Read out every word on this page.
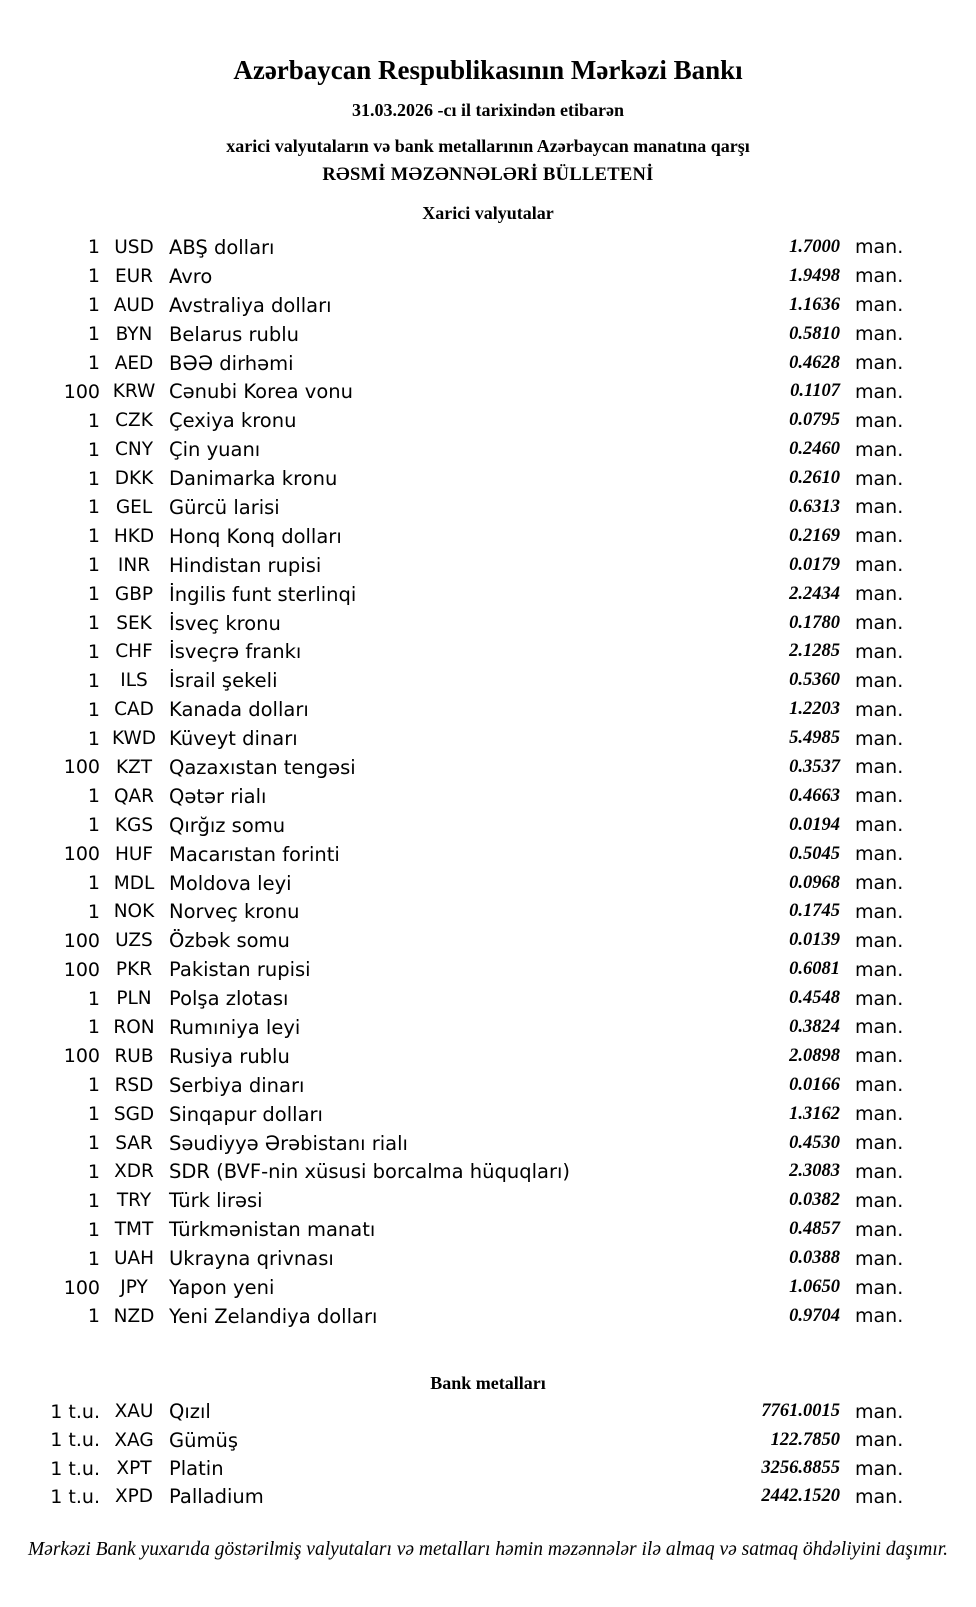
Azərbaycan Respublikasının Mərkəzi Bankı
31.03.2026 -cı il tarixindən etibarən
xarici valyutaların və bank metallarının Azərbaycan manatına qarşı
RƏSMİ MƏZƏNNƏLƏRİ BÜLLETENİ
Xarici valyutalar
1 USD ABŞ dolları	1.7000 man.
1 EUR Avro	1.9498 man.
1 AUD Avstraliya dolları	1.1636 man.
1 BYN Belarus rublu	0.5810 man.
1 AED BƏƏ dirhəmi	0.4628 man.
100 KRW Cənubi Korea vonu	0.1107 man.
1 CZK Çexiya kronu	0.0795 man.
1 CNY Çin yuanı	0.2460 man.
1 DKK Danimarka kronu	0.2610 man.
1 GEL Gürcü larisi	0.6313 man.
1 HKD Honq Konq dolları	0.2169 man.
1 INR Hindistan rupisi	0.0179 man.
1 GBP İngilis funt sterlinqi	2.2434 man.
1 SEK İsveç kronu	0.1780 man.
1 CHF İsveçrə frankı	2.1285 man.
1	ILS	İsrail şekeli	0.5360 man.
1 CAD Kanada dolları	1.2203 man.
1 KWD Küveyt dinarı	5.4985 man.
100 KZT Qazaxıstan tengəsi	0.3537 man.
1 QAR Qətər rialı	0.4663 man.
1 KGS Qırğız somu	0.0194 man.
100 HUF Macarıstan forinti	0.5045 man.
1 MDL Moldova leyi	0.0968 man.
1 NOK Norveç kronu	0.1745 man.
100 UZS Özbək somu	0.0139 man.
100 PKR Pakistan rupisi	0.6081 man.
1 PLN Polşa zlotası	0.4548 man.
1 RON Rumıniya leyi	0.3824 man.
100 RUB Rusiya rublu	2.0898 man.
1 RSD Serbiya dinarı	0.0166 man.
1 SGD Sinqapur dolları	1.3162 man.
1 SAR Səudiyyə Ərəbistanı rialı	0.4530 man.
1 XDR SDR (BVF-nin xüsusi borcalma hüquqları)	2.3083 man.
1 TRY Türk lirəsi	0.0382 man.
1 TMT Türkmənistan manatı	0.4857 man.
1 UAH Ukrayna qrivnası	0.0388 man.
100	JPY	Yapon yeni	1.0650 man.
1 NZD Yeni Zelandiya dolları	0.9704 man.
Bank metalları
1 t.u. XAU Qızıl	7761.0015 man.
1 t.u. XAG Gümüş	122.7850 man.
1 t.u. XPT Platin	3256.8855 man.
1 t.u. XPD Palladium	2442.1520 man.
Mərkəzi Bank yuxarıda göstərilmiş valyutaları və metalları həmin məzənnələr ilə almaq və satmaq öhdəliyini daşımır.
